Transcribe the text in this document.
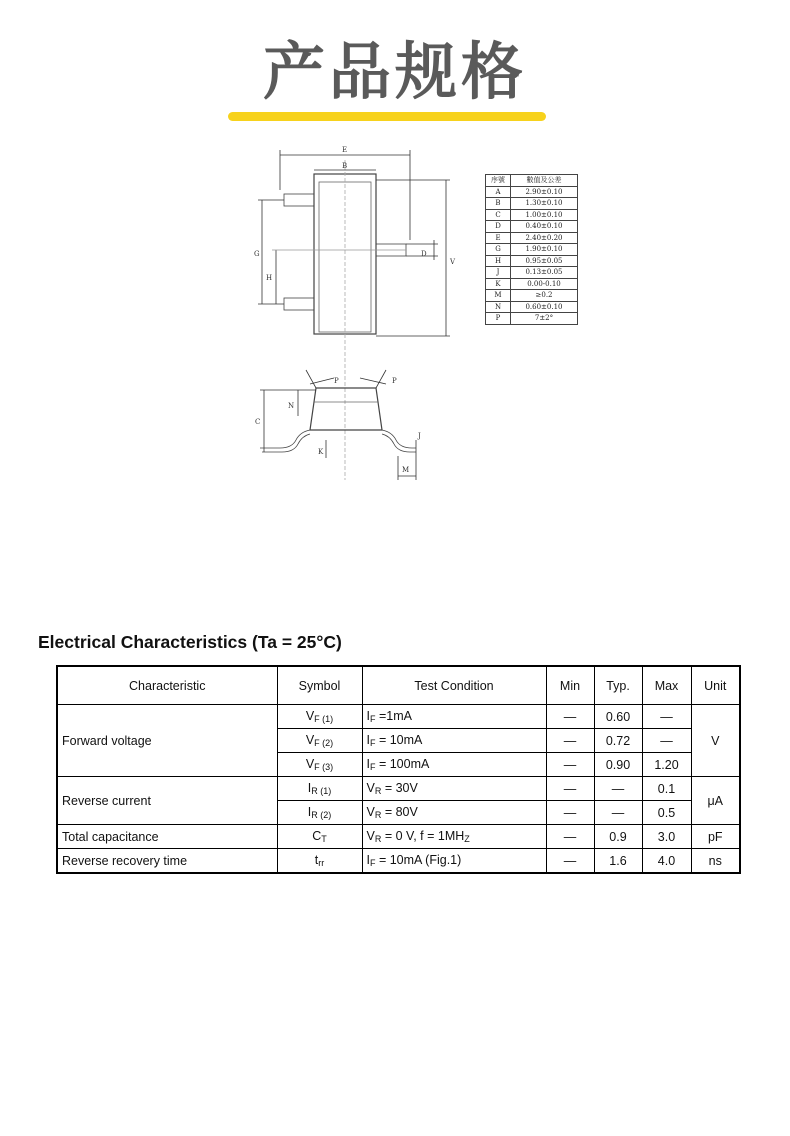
产品规格
E
B
G
H
D
V
P	P
C
N
K
J
M
序號	數值及公差
A	2.90±0.10
B	1.30±0.10
C	1.00±0.10
D	0.40±0.10
E	2.40±0.20
G	1.90±0.10
H	0.95±0.05
J	0.13±0.05
K	0.00-0.10
M	≥0.2
N	0.60±0.10
P	7±2°
Electrical Characteristics (Ta = 25°C)
Characteristic	Symbol	Test Condition	Min	Typ.	Max	Unit
Forward voltage	$V_{F (1)}$	$I_F =1mA$	—	0.60	—	V
	$V_{F (2)}$	$I_F = 10mA$	—	0.72	—	
	$V_{F (3)}$	$I_F = 100mA$	—	0.90	1.20	
Reverse current	$I_{R (1)}$	$V_R = 30V$	—	—	0.1	μA
	$I_{R (2)}$	$V_R = 80V$	—	—	0.5	
Total capacitance	$C_T$	$V_R = 0$ V, $f = 1MH_Z$	—	0.9	3.0	pF
Reverse recovery time	$t_{rr}$	$I_F = 10mA$ (Fig.1)	—	1.6	4.0	ns
